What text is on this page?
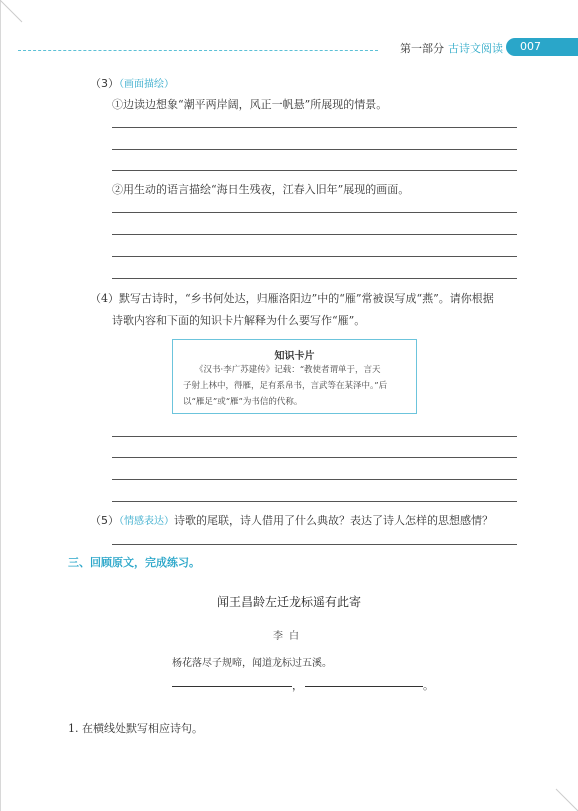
第一部分 古诗文阅读	007
（3）（画面描绘）
①边读边想象“潮平两岸阔，风正一帆悬”所展现的情景。
②用生动的语言描绘“海日生残夜，江春入旧年”展现的画面。
（4）默写古诗时，“乡书何处达，归雁洛阳边”中的“雁”常被误写成“燕”。请你根据
诗歌内容和下面的知识卡片解释为什么要写作“雁”。
知识卡片
《汉书·李广苏建传》记载：“教使者谓单于，言天
子射上林中，得雁，足有系帛书，言武等在某泽中。”后
以“雁足”或“雁”为书信的代称。
（5）（情感表达）诗歌的尾联，诗人借用了什么典故？表达了诗人怎样的思想感情？
三、回顾原文，完成练习。
闻王昌龄左迁龙标遥有此寄
李白
杨花落尽子规啼，闻道龙标过五溪。
，	。
1. 在横线处默写相应诗句。
